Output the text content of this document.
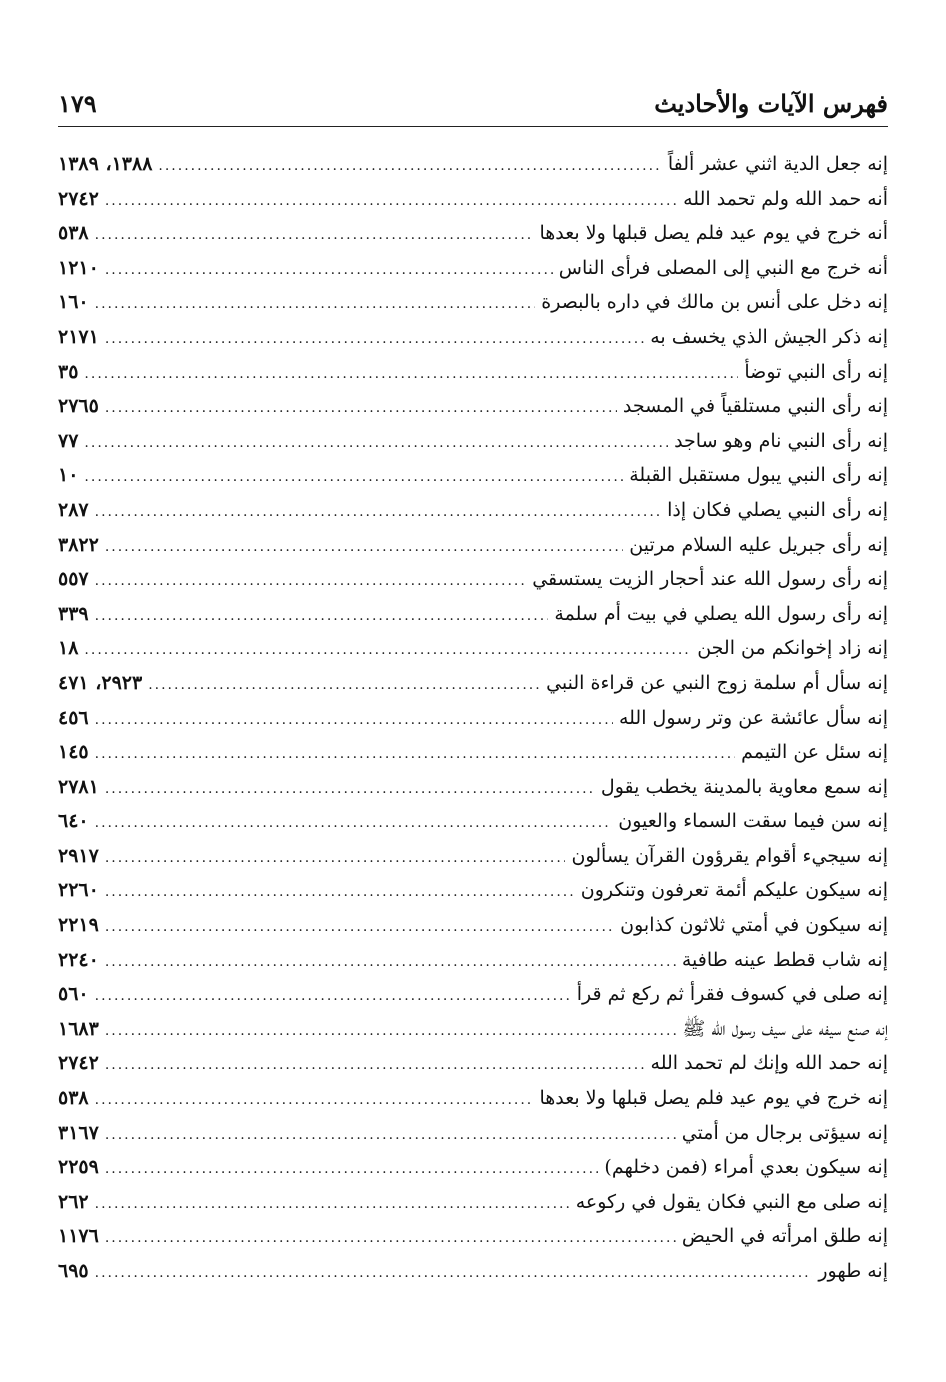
فهرس الآيات والأحاديث
١٧٩
إنه جعل الدية اثني عشر ألفاً
.....
١٣٨٨، ١٣٨٩
أنه حمد الله ولم تحمد الله
.....
٢٧٤٢
أنه خرج في يوم عيد فلم يصل قبلها ولا بعدها
.....
٥٣٨
أنه خرج مع النبي إلى المصلى فرأى الناس
.....
١٢١٠
إنه دخل على أنس بن مالك في داره بالبصرة
.....
١٦٠
إنه ذكر الجيش الذي يخسف به
.....
٢١٧١
إنه رأى النبي توضأ
.....
٣٥
إنه رأى النبي مستلقياً في المسجد
.....
٢٧٦٥
إنه رأى النبي نام وهو ساجد
.....
٧٧
إنه رأى النبي يبول مستقبل القبلة
.....
١٠
إنه رأى النبي يصلي فكان إذا
.....
٢٨٧
إنه رأى جبريل عليه السلام مرتين
.....
٣٨٢٢
إنه رأى رسول الله عند أحجار الزيت يستسقي
.....
٥٥٧
إنه رأى رسول الله يصلي في بيت أم سلمة
.....
٣٣٩
إنه زاد إخوانكم من الجن
.....
١٨
إنه سأل أم سلمة زوج النبي عن قراءة النبي
.....
٢٩٢٣، ٤٧١
إنه سأل عائشة عن وتر رسول الله
.....
٤٥٦
إنه سئل عن التيمم
.....
١٤٥
إنه سمع معاوية بالمدينة يخطب يقول
.....
٢٧٨١
إنه سن فيما سقت السماء والعيون
.....
٦٤٠
إنه سيجيء أقوام يقرؤون القرآن يسألون
.....
٢٩١٧
إنه سيكون عليكم أئمة تعرفون وتنكرون
.....
٢٢٦٠
إنه سيكون في أمتي ثلاثون كذابون
.....
٢٢١٩
إنه شاب قطط عينه طافية
.....
٢٢٤٠
إنه صلى في كسوف فقرأ ثم ركع ثم قرأ
.....
٥٦٠
إنه صنع سيفه على سيف رسول الله ﷺ
.....
١٦٨٣
إنه حمد الله وإنك لم تحمد الله
.....
٢٧٤٢
إنه خرج في يوم عيد فلم يصل قبلها ولا بعدها
.....
٥٣٨
إنه سيؤتى برجال من أمتي
.....
٣١٦٧
إنه سيكون بعدي أمراء (فمن دخلهم)
.....
٢٢٥٩
إنه صلى مع النبي فكان يقول في ركوعه
.....
٢٦٢
إنه طلق امرأته في الحيض
.....
١١٧٦
إنه طهور
.....
٦٩٥
